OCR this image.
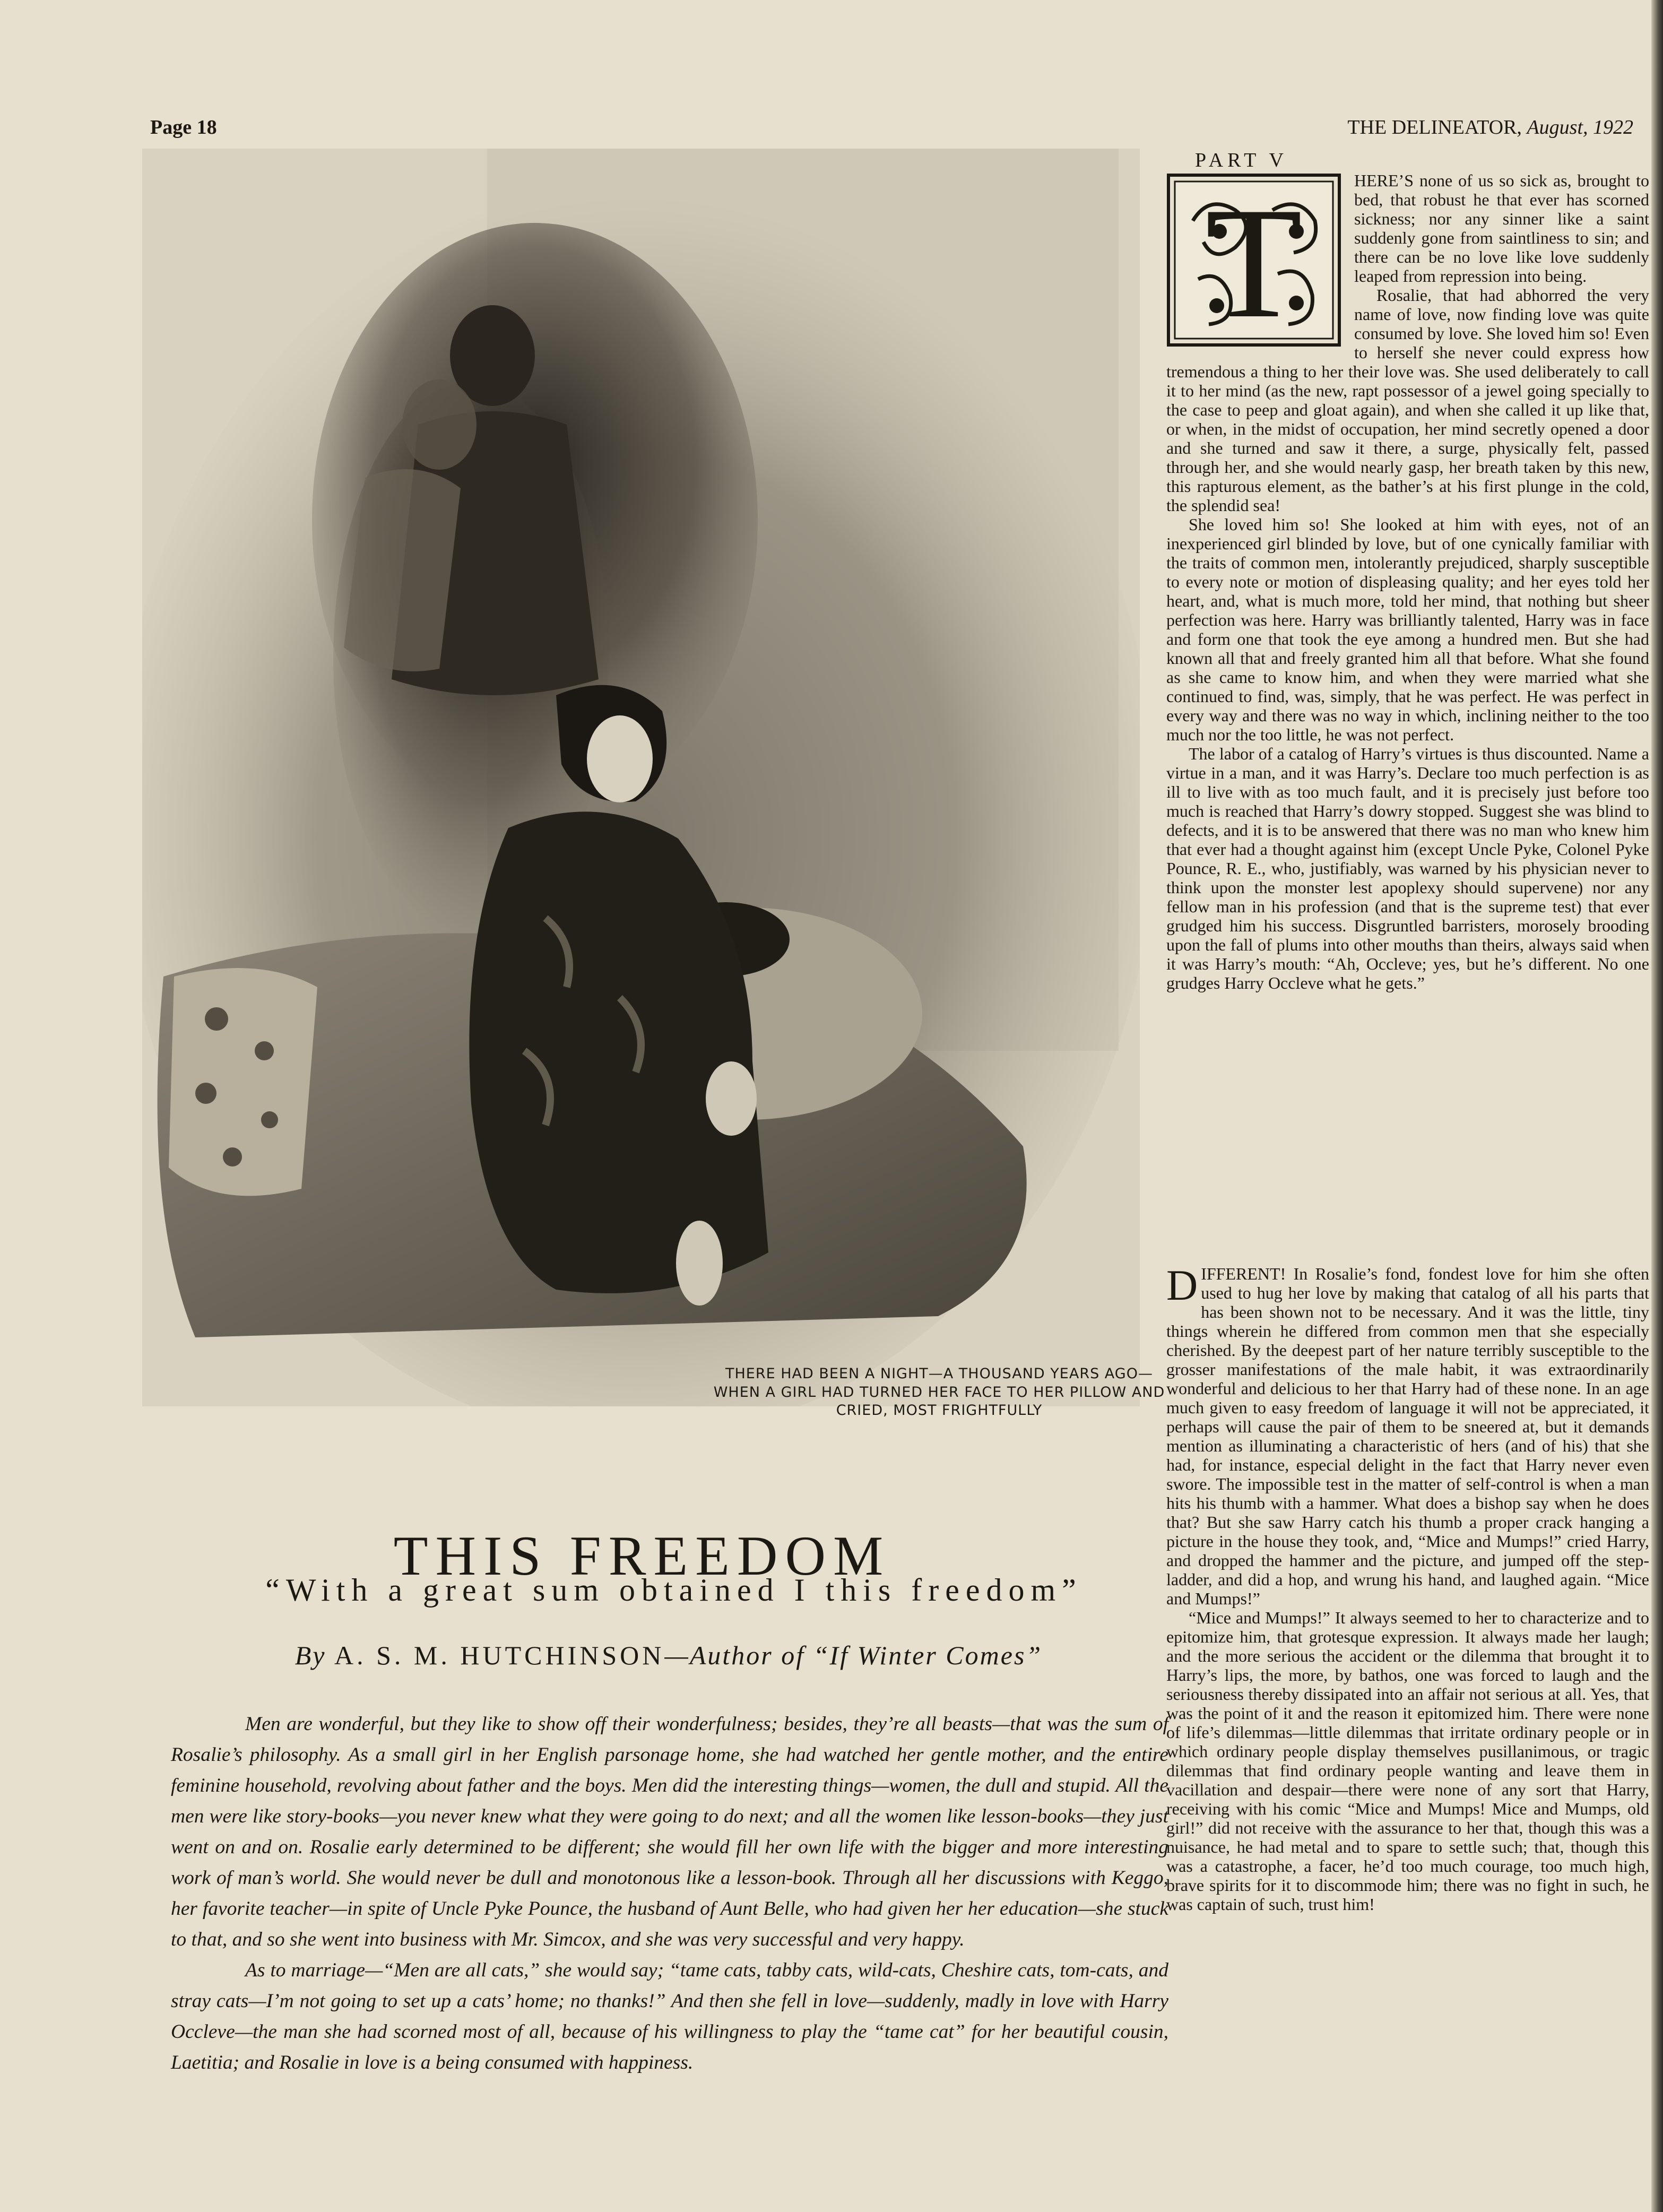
Page 18	THE DELINEATOR, August, 1922
THERE HAD BEEN A NIGHT—A THOUSAND YEARS AGO—WHEN A GIRL HAD TURNED HER FACE TO HER PILLOW AND CRIED, MOST FRIGHTFULLY
THIS FREEDOM
“With a great sum obtained I this freedom”
By A. S. M. HUTCHINSON—Author of “If Winter Comes”

Men are wonderful, but they like to show off their wonderfulness; besides, they’re all beasts—that was the sum of Rosalie’s philosophy. As a small girl in her English parsonage home, she had watched her gentle mother, and the entire feminine household, revolving about father and the boys. Men did the interesting things—women, the dull and stupid. All the men were like story-books—you never knew what they were going to do next; and all the women like lesson-books—they just went on and on. Rosalie early determined to be different; she would fill her own life with the bigger and more interesting work of man’s world. She would never be dull and monotonous like a lesson-book. Through all her discussions with Keggo, her favorite teacher—in spite of Uncle Pyke Pounce, the husband of Aunt Belle, who had given her her education—she stuck to that, and so she went into business with Mr. Simcox, and she was very successful and very happy.

As to marriage—“Men are all cats,” she would say; “tame cats, tabby cats, wild-cats, Cheshire cats, tom-cats, and stray cats—I’m not going to set up a cats’ home; no thanks!” And then she fell in love—suddenly, madly in love with Harry Occleve—the man she had scorned most of all, because of his willingness to play the “tame cat” for her beautiful cousin, Laetitia; and Rosalie in love is a being consumed with happiness.

PART V
T	HERE’S none of us so sick as, brought to bed, that robust he that ever has scorned sickness; nor any sinner like a saint suddenly gone from saintliness to sin; and there can be no love like love suddenly leaped from repression into being.

Rosalie, that had abhorred the very name of love, now finding love was quite consumed by love. She loved him so! Even to herself she never could express how tremendous a thing to her their love was. She used deliberately to call it to her mind (as the new, rapt possessor of a jewel going specially to the case to peep and gloat again), and when she called it up like that, or when, in the midst of occupation, her mind secretly opened a door and she turned and saw it there, a surge, physically felt, passed through her, and she would nearly gasp, her breath taken by this new, this rapturous element, as the bather’s at his first plunge in the cold, the splendid sea!

She loved him so! She looked at him with eyes, not of an inexperienced girl blinded by love, but of one cynically familiar with the traits of common men, intolerantly prejudiced, sharply susceptible to every note or motion of displeasing quality; and her eyes told her heart, and, what is much more, told her mind, that nothing but sheer perfection was here. Harry was brilliantly talented, Harry was in face and form one that took the eye among a hundred men. But she had known all that and freely granted him all that before. What she found as she came to know him, and when they were married what she continued to find, was, simply, that he was perfect. He was perfect in every way and there was no way in which, inclining neither to the too much nor the too little, he was not perfect.

The labor of a catalog of Harry’s virtues is thus discounted. Name a virtue in a man, and it was Harry’s. Declare too much perfection is as ill to live with as too much fault, and it is precisely just before too much is reached that Harry’s dowry stopped. Suggest she was blind to defects, and it is to be answered that there was no man who knew him that ever had a thought against him (except Uncle Pyke, Colonel Pyke Pounce, R. E., who, justifiably, was warned by his physician never to think upon the monster lest apoplexy should supervene) nor any fellow man in his profession (and that is the supreme test) that ever grudged him his success. Disgruntled barristers, morosely brooding upon the fall of plums into other mouths than theirs, always said when it was Harry’s mouth: “Ah, Occleve; yes, but he’s different. No one grudges Harry Occleve what he gets.”

D IFFERENT! In Rosalie’s fond, fondest love for him she often used to hug her love by making that catalog of all his parts that has been shown not to be necessary. And it was the little, tiny things wherein he differed from common men that she especially cherished. By the deepest part of her nature terribly susceptible to the grosser manifestations of the male habit, it was extraordinarily wonderful and delicious to her that Harry had of these none. In an age much given to easy freedom of language it will not be appreciated, it perhaps will cause the pair of them to be sneered at, but it demands mention as illuminating a characteristic of hers (and of his) that she had, for instance, especial delight in the fact that Harry never even swore. The impossible test in the matter of self-control is when a man hits his thumb with a hammer. What does a bishop say when he does that? But she saw Harry catch his thumb a proper crack hanging a picture in the house they took, and, “Mice and Mumps!” cried Harry, and dropped the hammer and the picture, and jumped off the step-ladder, and did a hop, and wrung his hand, and laughed again. “Mice and Mumps!”

“Mice and Mumps!” It always seemed to her to characterize and to epitomize him, that grotesque expression. It always made her laugh; and the more serious the accident or the dilemma that brought it to Harry’s lips, the more, by bathos, one was forced to laugh and the seriousness thereby dissipated into an affair not serious at all. Yes, that was the point of it and the reason it epitomized him. There were none of life’s dilemmas—little dilemmas that irritate ordinary people or in which ordinary people display themselves pusillanimous, or tragic dilemmas that find ordinary people wanting and leave them in vacillation and despair—there were none of any sort that Harry, receiving with his comic “Mice and Mumps! Mice and Mumps, old girl!” did not receive with the assurance to her that, though this was a nuisance, he had metal and to spare to settle such; that, though this was a catastrophe, a facer, he’d too much courage, too much high, brave spirits for it to discommode him; there was no fight in such, he was captain of such, trust him!
